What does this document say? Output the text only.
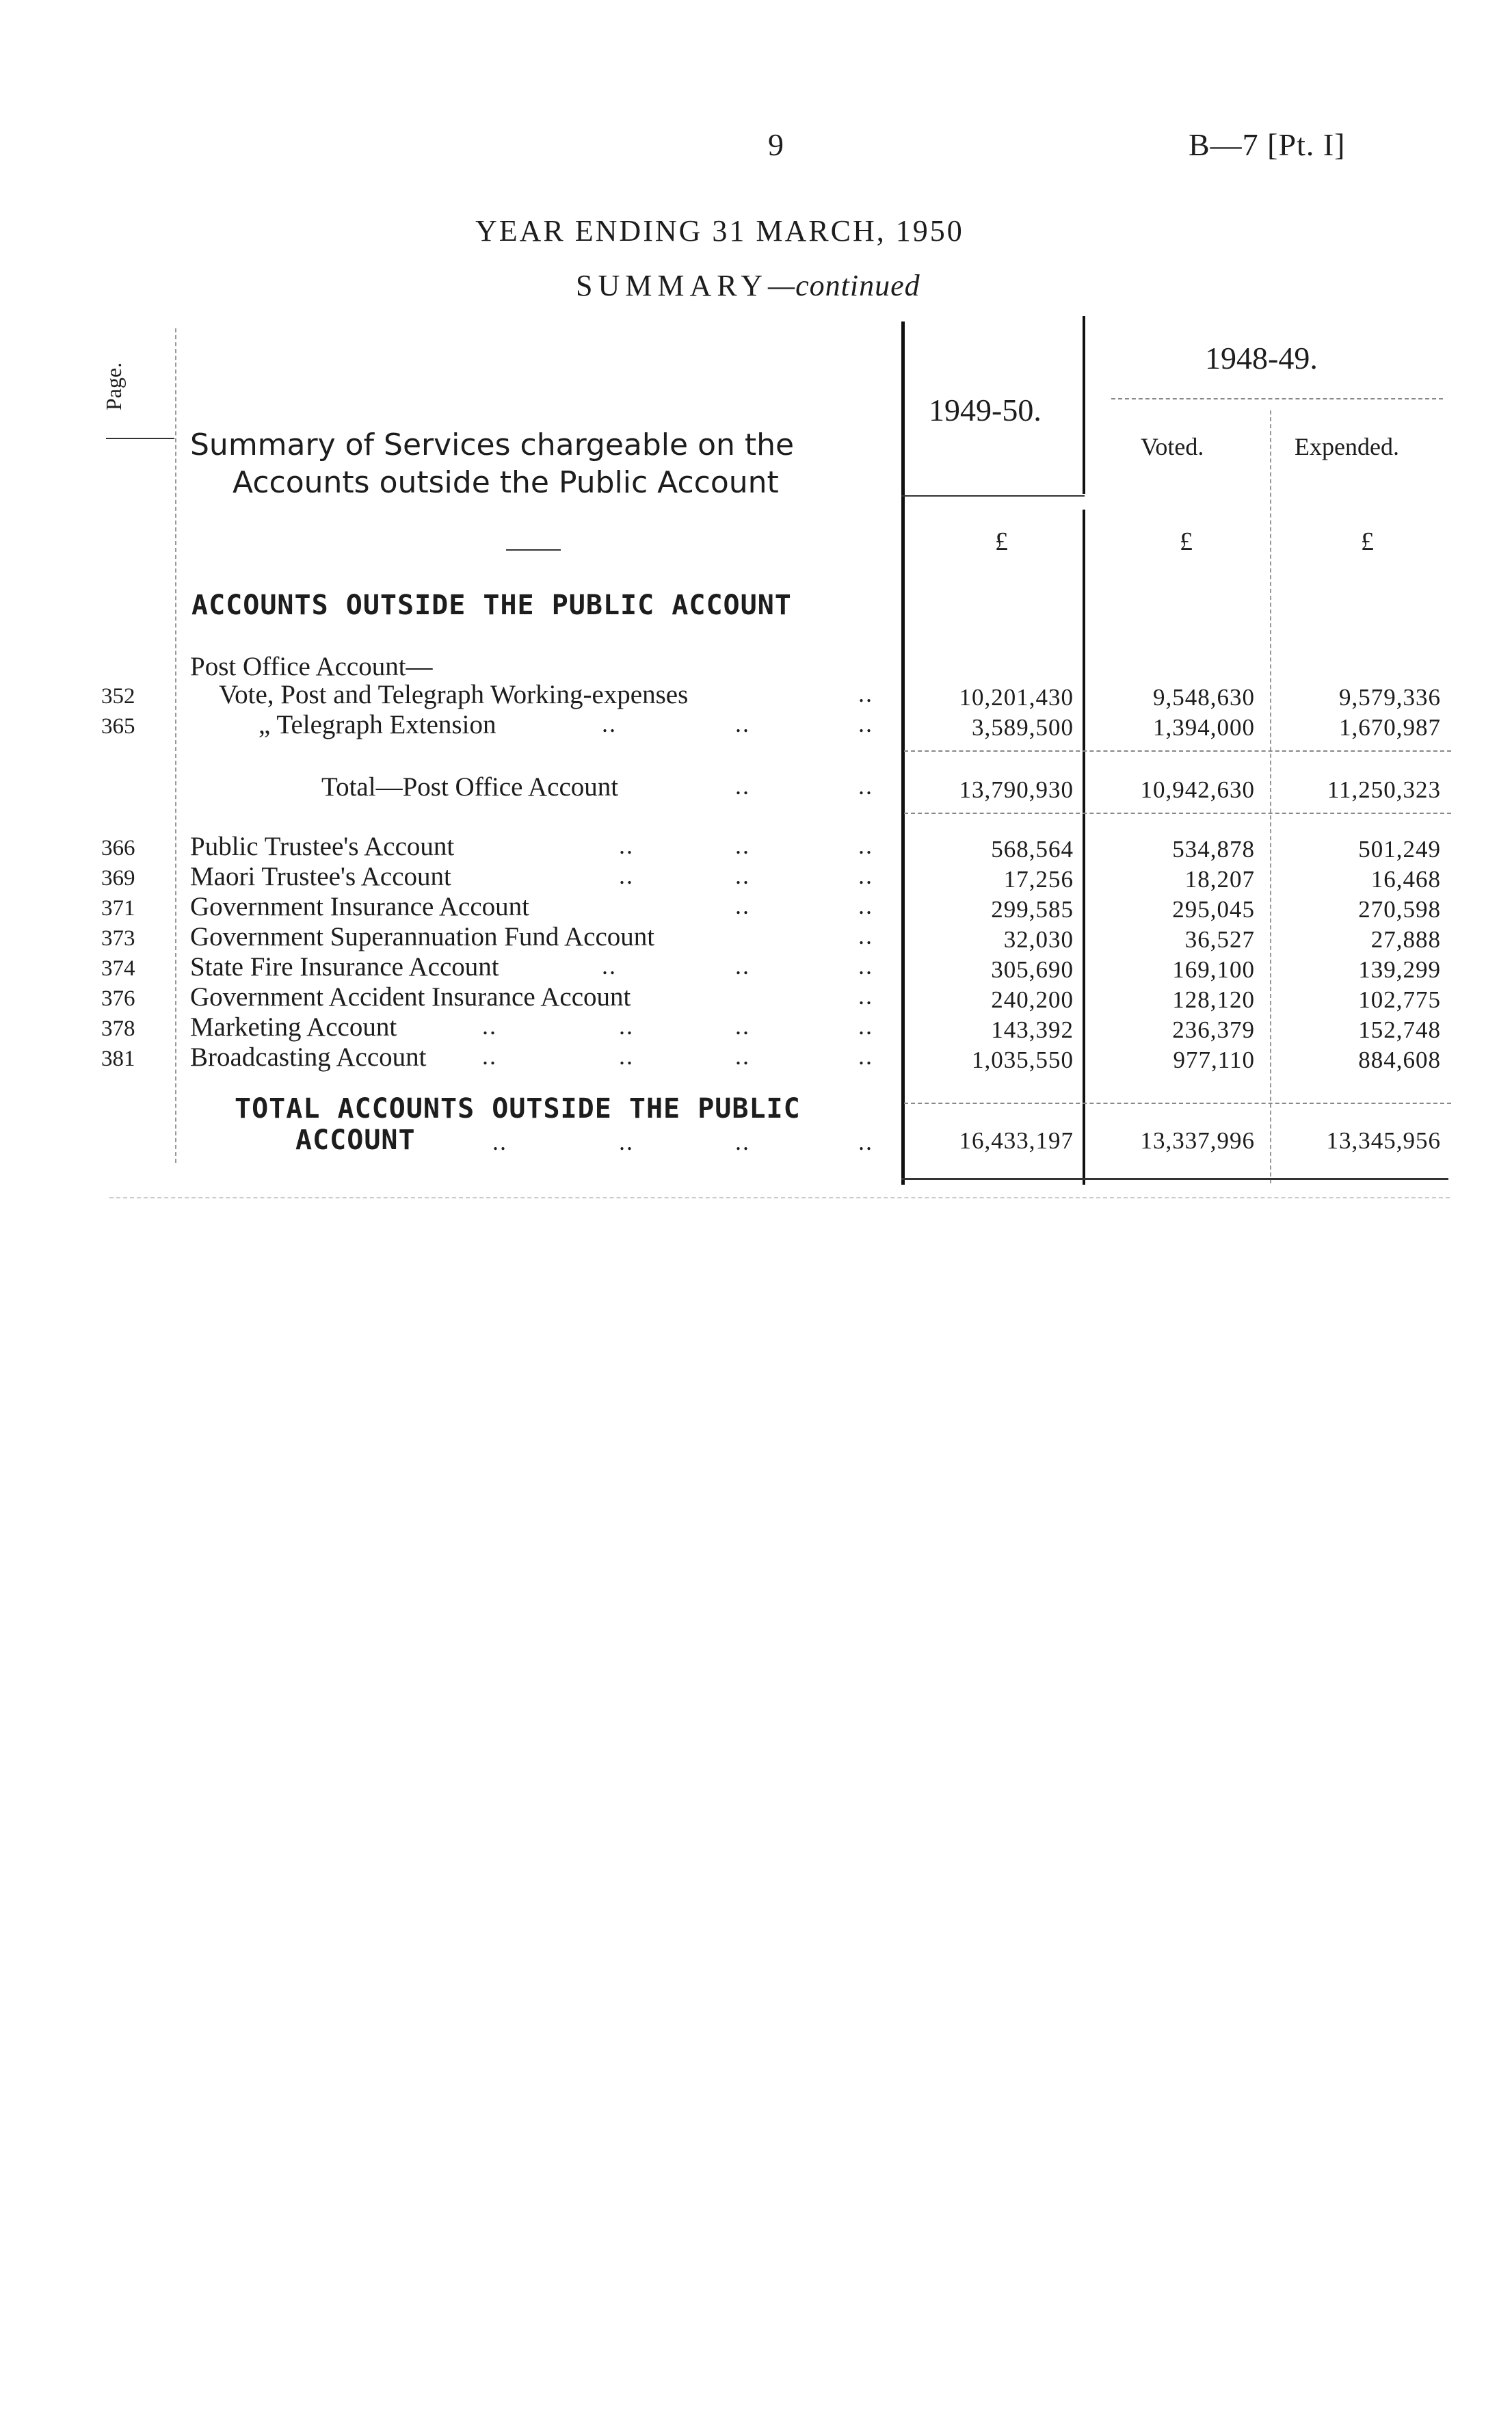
9	B—7 [Pt. I]
YEAR ENDING 31 MARCH, 1950
SUMMARY—continued
Page.
Summary of Services chargeable on the
Accounts outside the Public Account
1949-50.
1948-49.
Voted.	Expended.
£	£	£
ACCOUNTS OUTSIDE THE PUBLIC ACCOUNT
Post Office Account—
352	Vote, Post and Telegraph Working-expenses	..	10,201,430	9,548,630	9,579,336
365	„ Telegraph Extension	..	..	..	3,589,500	1,394,000	1,670,987
Total—Post Office Account	..	..	13,790,930	10,942,630	11,250,323
366 Public Trustee's Account	..	..	..	568,564	534,878	501,249
369 Maori Trustee's Account	..	..	..	17,256	18,207	16,468
371 Government Insurance Account	..	..	299,585	295,045	270,598
373 Government Superannuation Fund Account	..	32,030	36,527	27,888
374 State Fire Insurance Account	..	..	..	305,690	169,100	139,299
376 Government Accident Insurance Account	..	240,200	128,120	102,775
378 Marketing Account	..	..	..	..	143,392	236,379	152,748
381 Broadcasting Account ..	..	..	..	1,035,550	977,110	884,608
TOTAL ACCOUNTS OUTSIDE THE PUBLIC
ACCOUNT	..	..	..	..	16,433,197	13,337,996	13,345,956
